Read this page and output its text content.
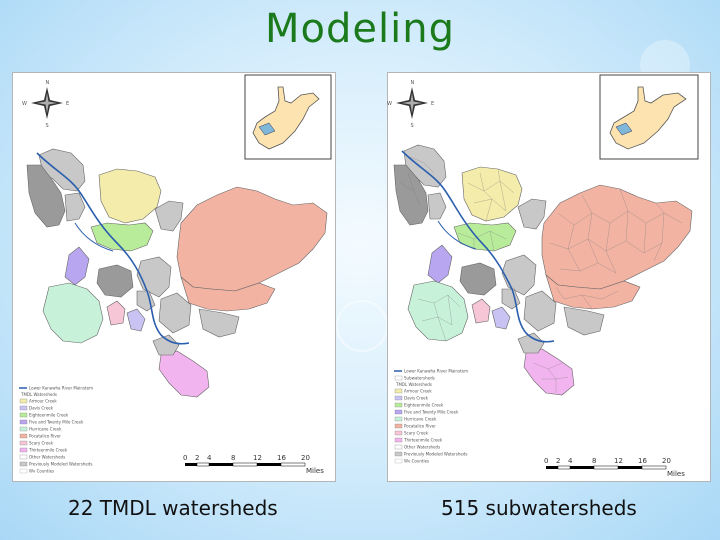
Modeling
N
S
E
W
Lower Kanawha River Mainstem
TMDL Watersheds
Armour Creek
Davis Creek
Eighteenmile Creek
Five and Twenty Mile Creek
Hurricane Creek
Pocatalico River
Scary Creek
Thirteenmile Creek
Other Watersheds
Previously Modeled Watersheds
Wv Counties
0 2 4	8	12 16 20
Miles
N
S
E
W
Lower Kanawha River Mainstem
Subwatersheds
TMDL Watersheds
Armour Creek
Davis Creek
Eighteenmile Creek
Five and Twenty Mile Creek
Hurricane Creek
Pocatalico River
Scary Creek
Thirteenmile Creek
Other Watersheds
Previously Modeled Watersheds
Wv Counties	0 2 4	8	12 16 20
Miles
22 TMDL watersheds	515 subwatersheds
